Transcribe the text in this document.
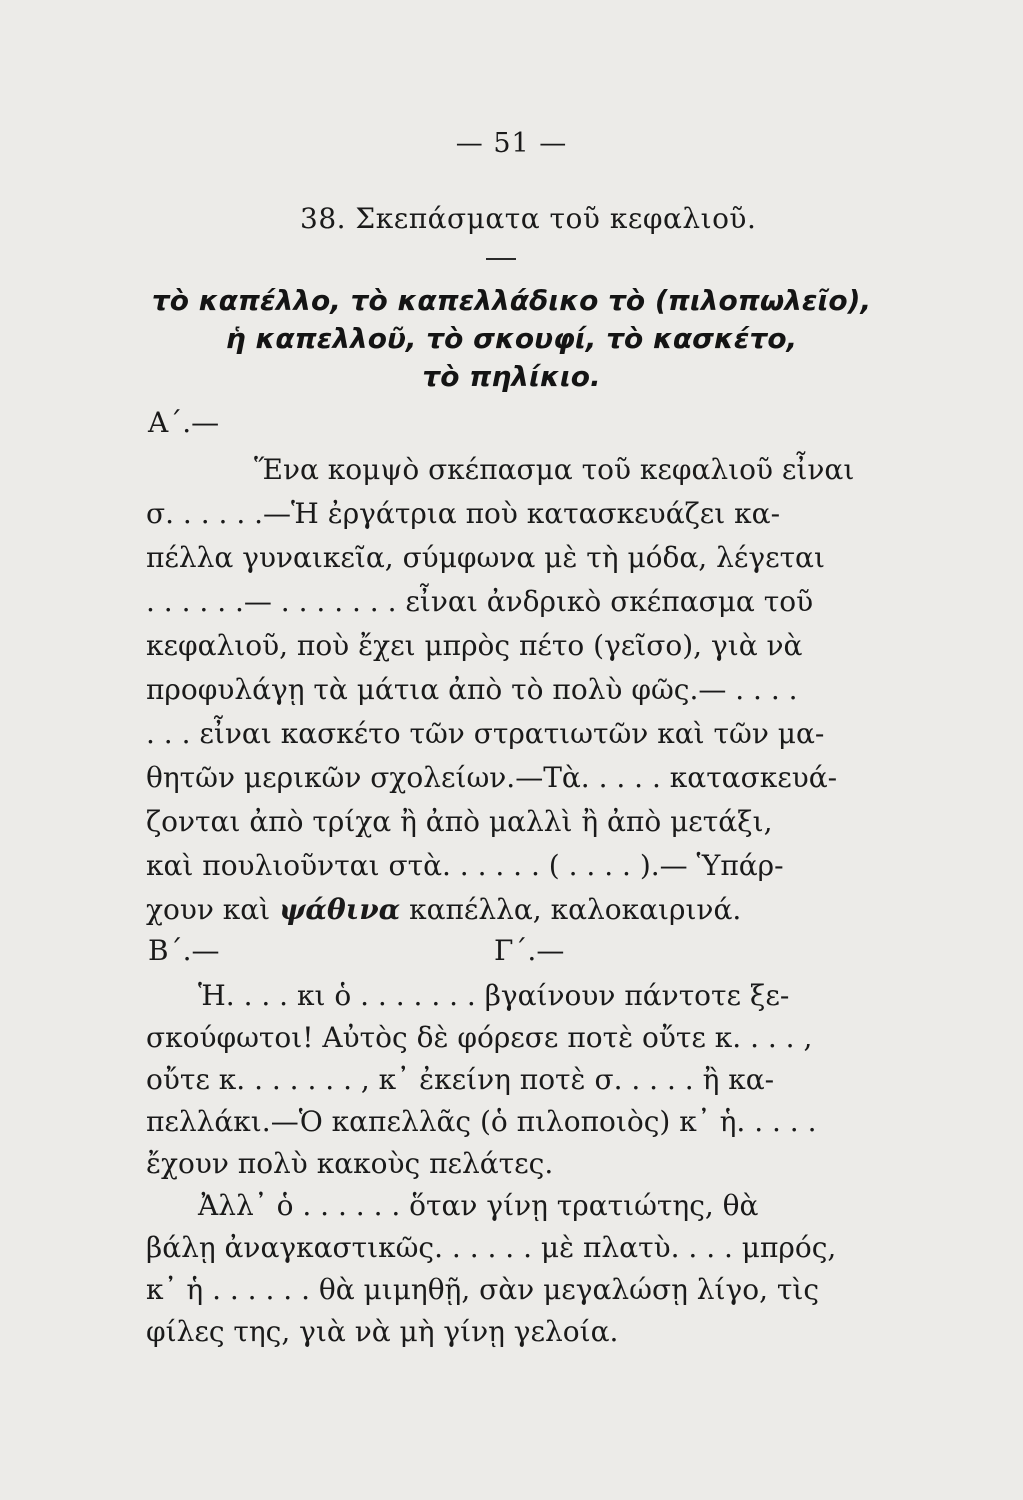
— 51 —
38. Σκεπάσματα τοῦ κεφαλιοῦ.
τὸ καπέλλο, τὸ καπελλάδικο τὸ (πιλοπωλεῖο),
ἡ καπελλοῦ, τὸ σκουφί, τὸ κασκέτο,
τὸ πηλίκιο.
Α΄.—
Ἕνα κομψὸ σκέπασμα τοῦ κεφαλιοῦ εἶναι
σ. . . . . .—Ἡ ἐργάτρια ποὺ κατασκευάζει κα-
πέλλα γυναικεῖα, σύμφωνα μὲ τὴ μόδα, λέγεται
. . . . . .— . . . . . . . εἶναι ἀνδρικὸ σκέπασμα τοῦ
κεφαλιοῦ, ποὺ ἔχει μπρὸς πέτο (γεῖσο), γιὰ νὰ
προφυλάγῃ τὰ μάτια ἀπὸ τὸ πολὺ φῶς.— . . . .
. . . εἶναι κασκέτο τῶν στρατιωτῶν καὶ τῶν μα-
θητῶν μερικῶν σχολείων.—Τὰ. . . . . κατασκευά-
ζονται ἀπὸ τρίχα ἢ ἀπὸ μαλλὶ ἢ ἀπὸ μετάξι,
καὶ πουλιοῦνται στὰ. . . . . . ( . . . . ).— Ὑπάρ-
χουν καὶ ψάθινα καπέλλα, καλοκαιρινά.
Β΄.—	Γ΄.—
Ἡ. . . . κι ὁ . . . . . . . βγαίνουν πάντοτε ξε-
σκούφωτοι! Αὐτὸς δὲ φόρεσε ποτὲ οὔτε κ. . . . ,
οὔτε κ. . . . . . . , κ᾽ ἐκείνη ποτὲ σ. . . . . ἢ κα-
πελλάκι.—Ὁ καπελλᾶς (ὁ πιλοποιὸς) κ᾽ ἡ. . . . .
ἔχουν πολὺ κακοὺς πελάτες.
Ἀλλ᾽ ὁ . . . . . . ὅταν γίνῃ τρατιώτης, θὰ
βάλῃ ἀναγκαστικῶς. . . . . . μὲ πλατὺ. . . . μπρός,
κ᾽ ἡ . . . . . . θὰ μιμηθῇ, σὰν μεγαλώσῃ λίγο, τὶς
φίλες της, γιὰ νὰ μὴ γίνῃ γελοία.
